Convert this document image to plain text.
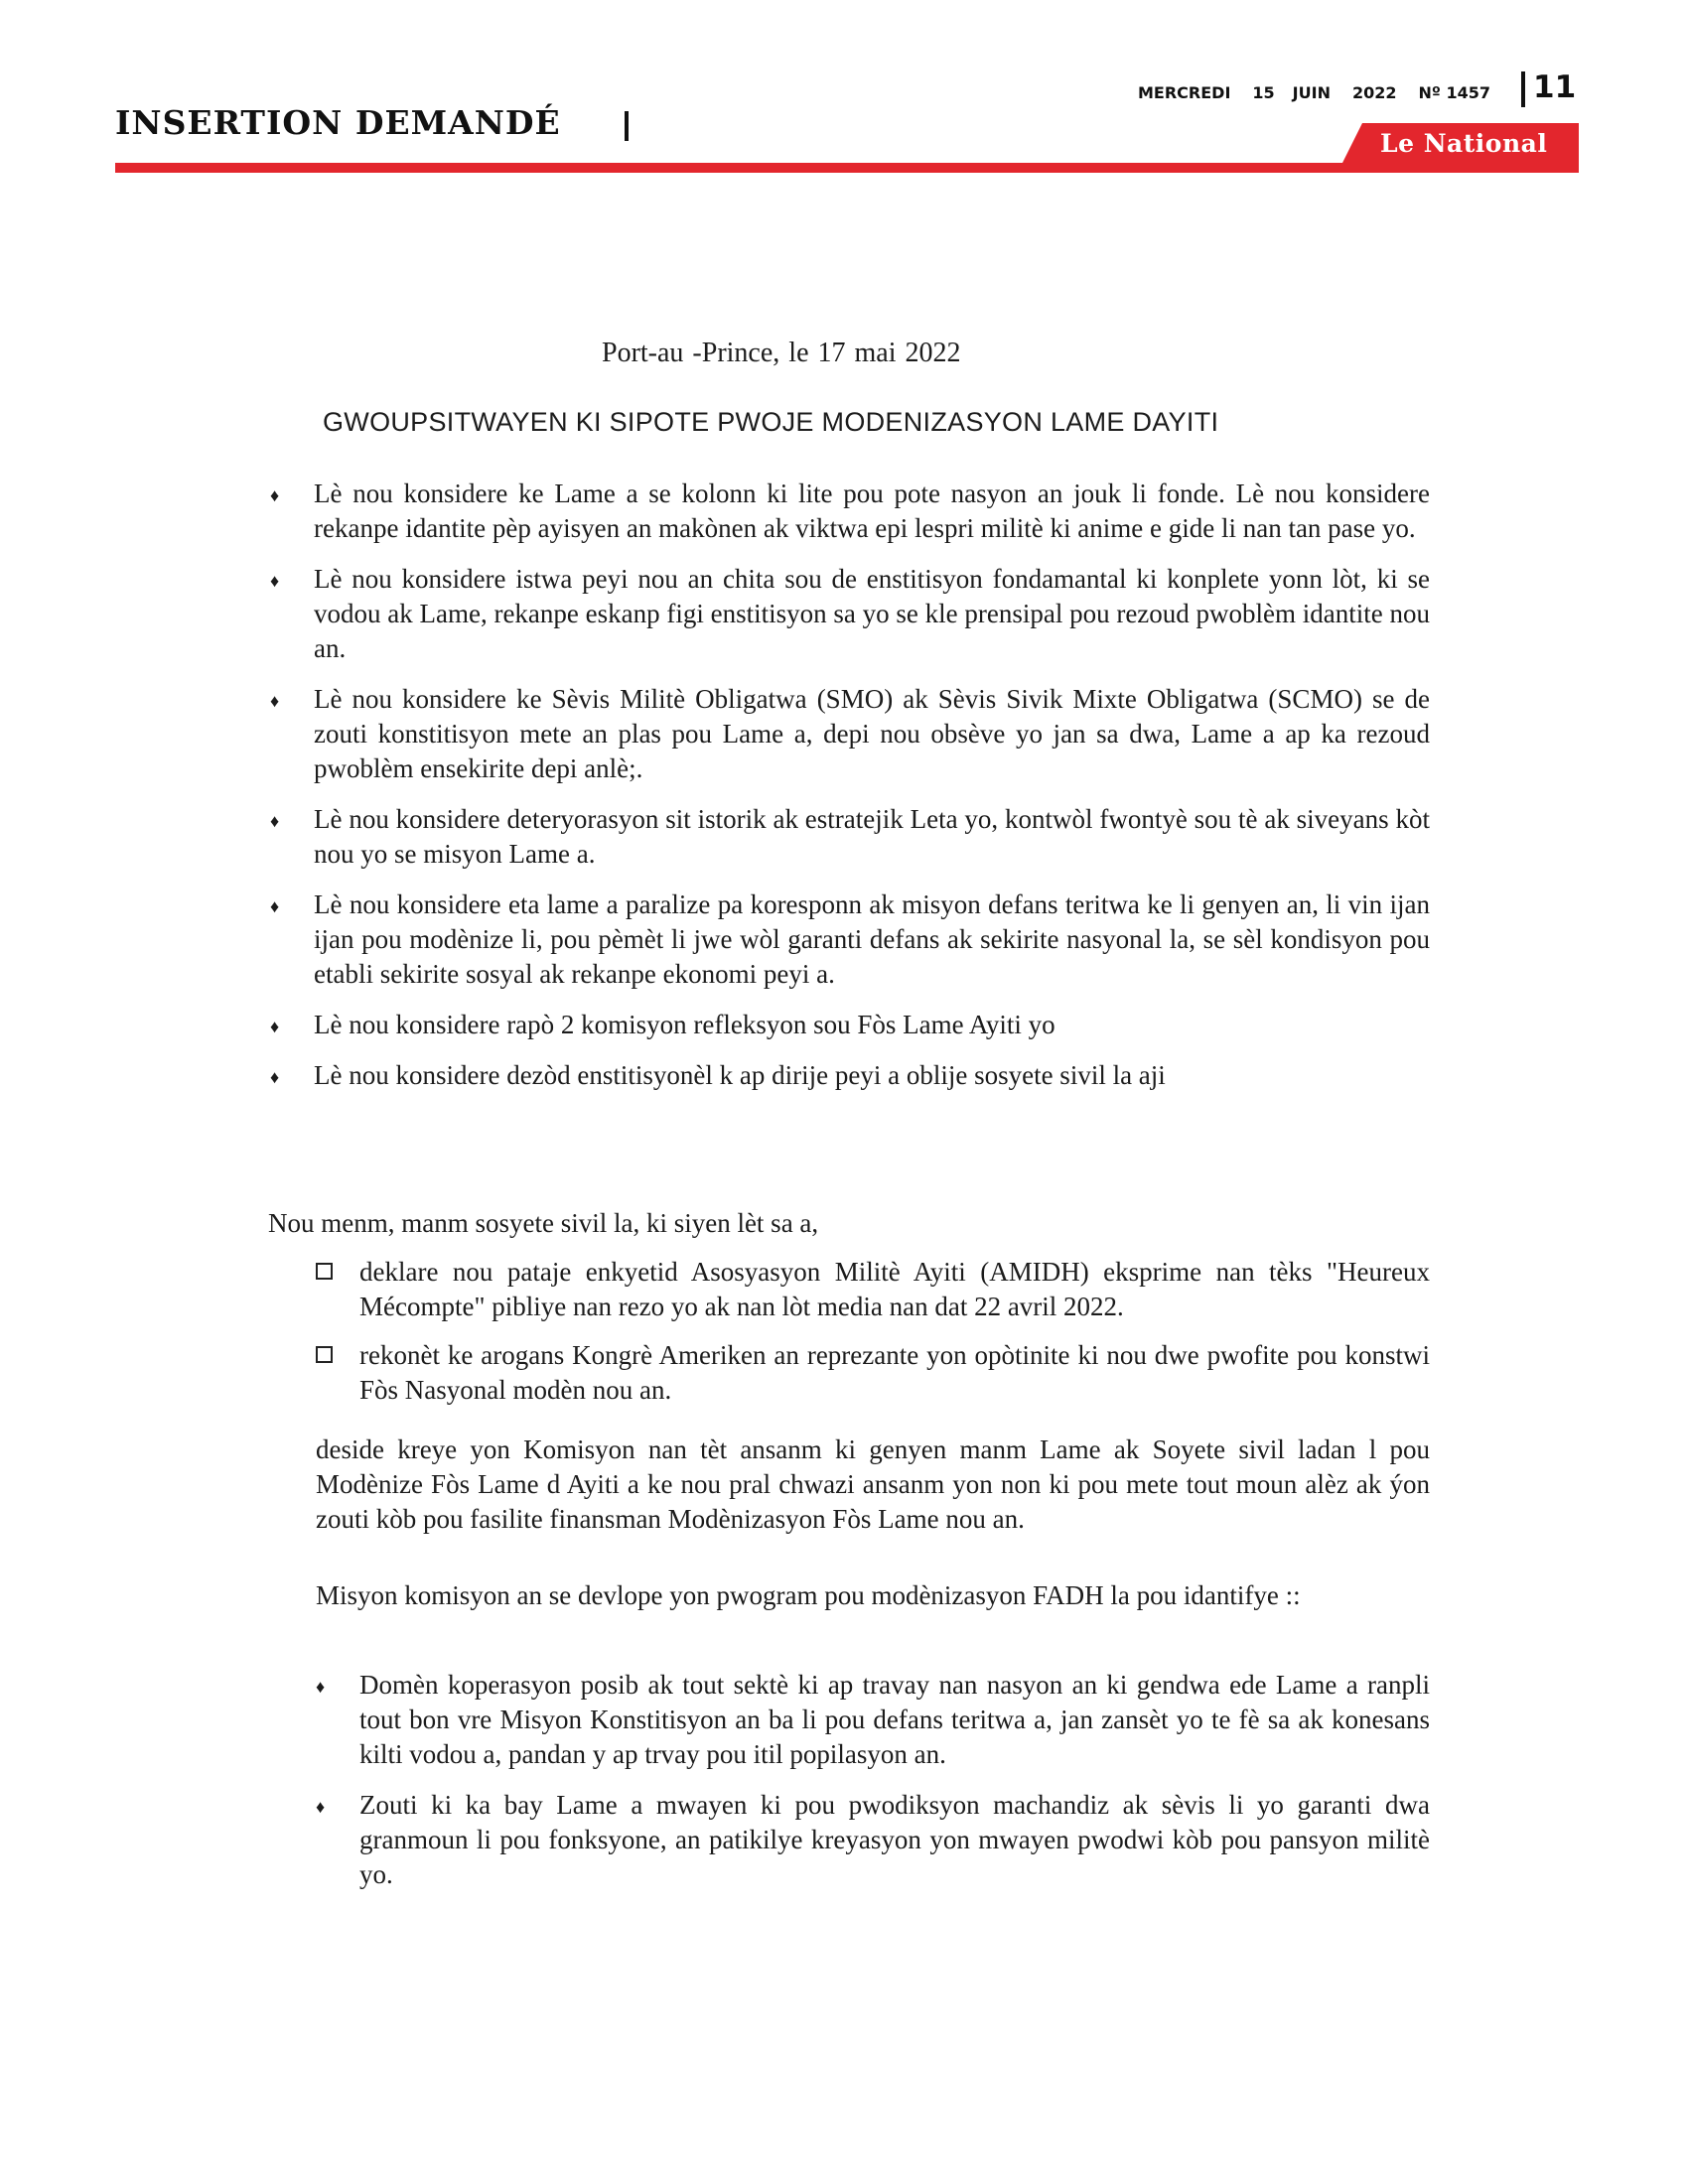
INSERTION DEMANDÉ
MERCREDI 15 JUIN 2022 Nº 1457	11
Le National
Port-au -Prince, le 17 mai 2022
GWOUPSITWAYEN KI SIPOTE PWOJE MODENIZASYON LAME DAYITI
♦ Lè nou konsidere ke Lame a se kolonn ki lite pou pote nasyon an jouk li fonde. Lè nou konsidere rekanpe idantite pèp ayisyen an makònen ak viktwa epi lespri militè ki anime e gide li nan tan pase yo.
♦ Lè nou konsidere istwa peyi nou an chita sou de enstitisyon fondamantal ki konplete yonn lòt, ki se vodou ak Lame, rekanpe eskanp figi enstitisyon sa yo se kle prensipal pou rezoud pwoblèm idantite nou an.
♦ Lè nou konsidere ke Sèvis Militè Obligatwa (SMO) ak Sèvis Sivik Mixte Obligatwa (SCMO) se de zouti konstitisyon mete an plas pou Lame a, depi nou obsève yo jan sa dwa, Lame a ap ka rezoud pwoblèm ensekirite depi anlè;.
♦ Lè nou konsidere deteryorasyon sit istorik ak estratejik Leta yo, kontwòl fwontyè sou tè ak siveyans kòt nou yo se misyon Lame a.
♦ Lè nou konsidere eta lame a paralize pa koresponn ak misyon defans teritwa ke li genyen an, li vin ijan ijan pou modènize li, pou pèmèt li jwe wòl garanti defans ak sekirite nasyonal la, se sèl kondisyon pou etabli sekirite sosyal ak rekanpe ekonomi peyi a.
♦ Lè nou konsidere rapò 2 komisyon refleksyon sou Fòs Lame Ayiti yo
♦ Lè nou konsidere dezòd enstitisyonèl k ap dirije peyi a oblije sosyete sivil la aji
Nou menm, manm sosyete sivil la, ki siyen lèt sa a,
deklare nou pataje enkyetid Asosyasyon Militè Ayiti (AMIDH) eksprime nan tèks "Heureux Mécompte" pibliye nan rezo yo ak nan lòt media nan dat 22 avril 2022.
rekonèt ke arogans Kongrè Ameriken an reprezante yon opòtinite ki nou dwe pwofite pou konstwi Fòs Nasyonal modèn nou an.

deside kreye yon Komisyon nan tèt ansanm ki genyen manm Lame ak Soyete sivil ladan l pou Modènize Fòs Lame d Ayiti a ke nou pral chwazi ansanm yon non ki pou mete tout moun alèz ak ýon zouti kòb pou fasilite finansman Modènizasyon Fòs Lame nou an.

Misyon komisyon an se devlope yon pwogram pou modènizasyon FADH la pou idantifye ::

♦ Domèn koperasyon posib ak tout sektè ki ap travay nan nasyon an ki gendwa ede Lame a ranpli tout bon vre Misyon Konstitisyon an ba li pou defans teritwa a, jan zansèt yo te fè sa ak konesans kilti vodou a, pandan y ap trvay pou itil popilasyon an.
♦ Zouti ki ka bay Lame a mwayen ki pou pwodiksyon machandiz ak sèvis li yo garanti dwa granmoun li pou fonksyone, an patikilye kreyasyon yon mwayen pwodwi kòb pou pansyon militè yo.
